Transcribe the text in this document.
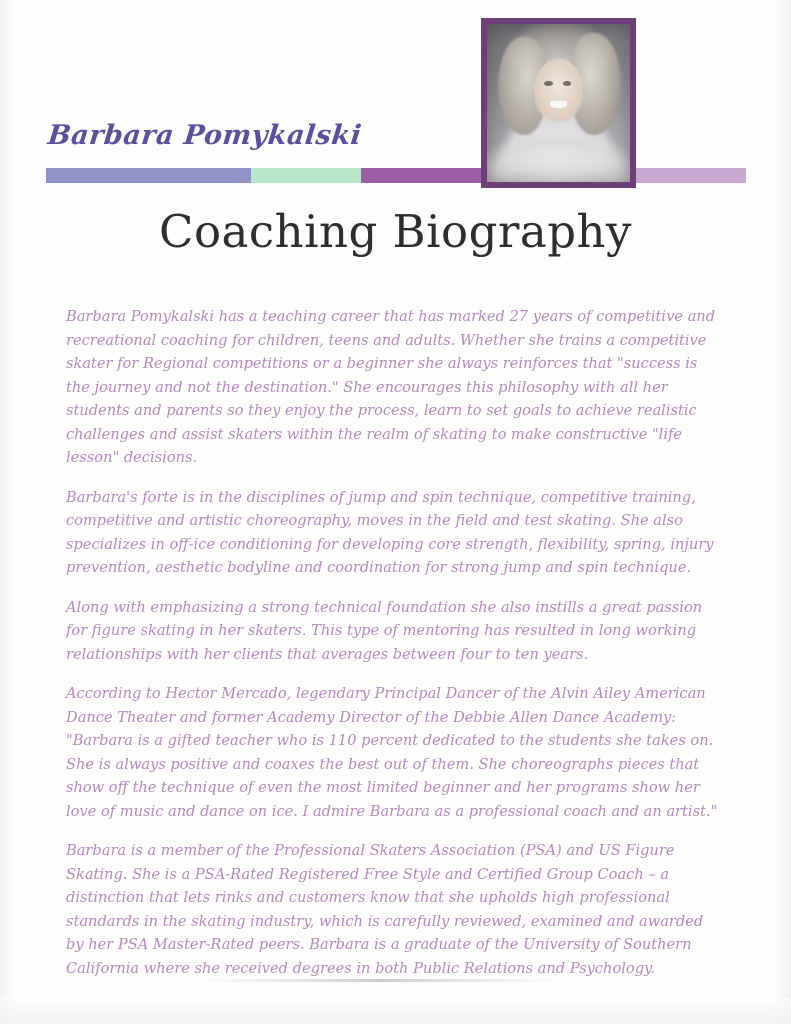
Barbara Pomykalski
Coaching Biography

Barbara Pomykalski has a teaching career that has marked 27 years of competitive and recreational coaching for children, teens and adults. Whether she trains a competitive skater for Regional competitions or a beginner she always reinforces that "success is the journey and not the destination." She encourages this philosophy with all her students and parents so they enjoy the process, learn to set goals to achieve realistic challenges and assist skaters within the realm of skating to make constructive "life lesson" decisions.

Barbara's forte is in the disciplines of jump and spin technique, competitive training, competitive and artistic choreography, moves in the field and test skating. She also specializes in off-ice conditioning for developing core strength, flexibility, spring, injury prevention, aesthetic bodyline and coordination for strong jump and spin technique.

Along with emphasizing a strong technical foundation she also instills a great passion for figure skating in her skaters. This type of mentoring has resulted in long working relationships with her clients that averages between four to ten years.

According to Hector Mercado, legendary Principal Dancer of the Alvin Ailey American Dance Theater and former Academy Director of the Debbie Allen Dance Academy: "Barbara is a gifted teacher who is 110 percent dedicated to the students she takes on. She is always positive and coaxes the best out of them. She choreographs pieces that show off the technique of even the most limited beginner and her programs show her love of music and dance on ice. I admire Barbara as a professional coach and an artist."

Barbara is a member of the Professional Skaters Association (PSA) and US Figure Skating. She is a PSA-Rated Registered Free Style and Certified Group Coach – a distinction that lets rinks and customers know that she upholds high professional standards in the skating industry, which is carefully reviewed, examined and awarded by her PSA Master-Rated peers. Barbara is a graduate of the University of Southern California where she received degrees in both Public Relations and Psychology.
